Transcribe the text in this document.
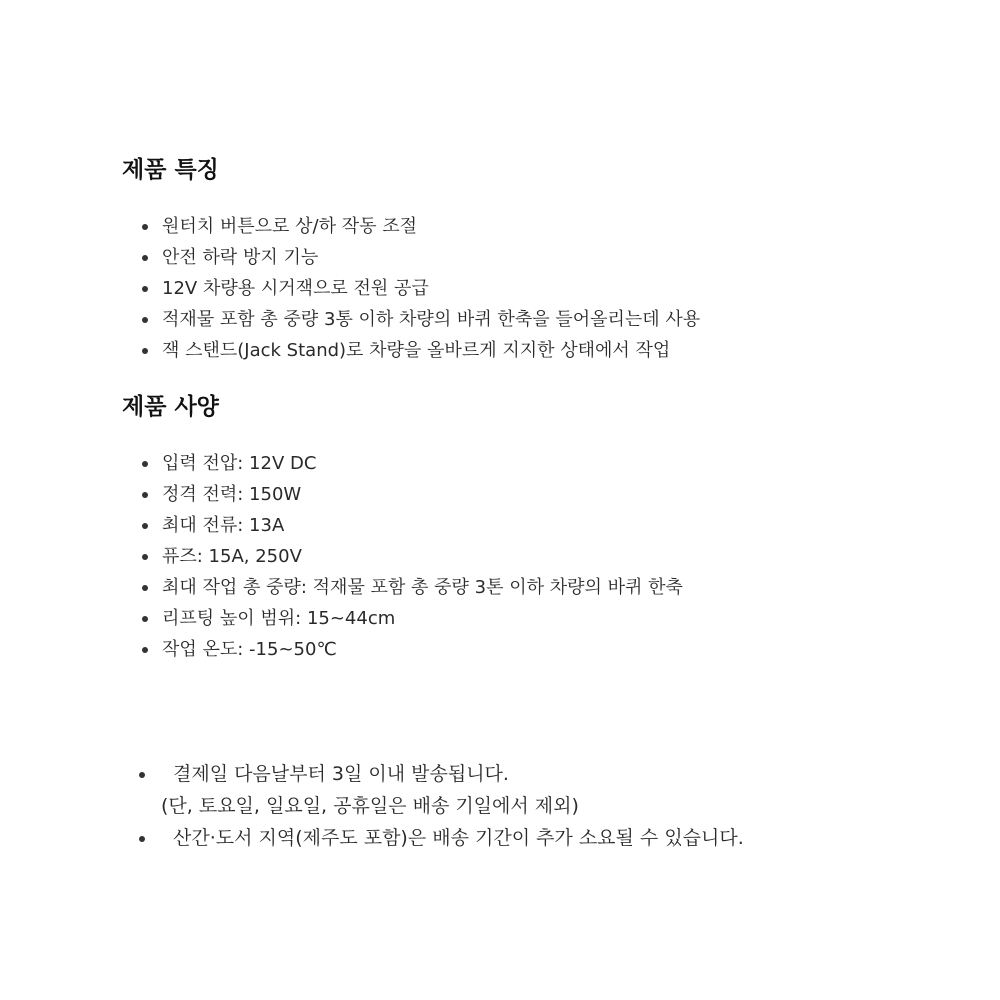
제품 특징
원터치 버튼으로 상/하 작동 조절
안전 하락 방지 기능
12V 차량용 시거잭으로 전원 공급
적재물 포함 총 중량 3통 이하 차량의 바퀴 한축을 들어올리는데 사용
잭 스탠드(Jack Stand)로 차량을 올바르게 지지한 상태에서 작업
제품 사양
입력 전압: 12V DC
정격 전력: 150W
최대 전류: 13A
퓨즈: 15A, 250V
최대 작업 총 중량: 적재물 포함 총 중량 3톤 이하 차량의 바퀴 한축
리프팅 높이 범위: 15~44cm
작업 온도: -15~50℃
결제일 다음날부터 3일 이내 발송됩니다.
(단, 토요일, 일요일, 공휴일은 배송 기일에서 제외)
산간·도서 지역(제주도 포함)은 배송 기간이 추가 소요될 수 있습니다.
